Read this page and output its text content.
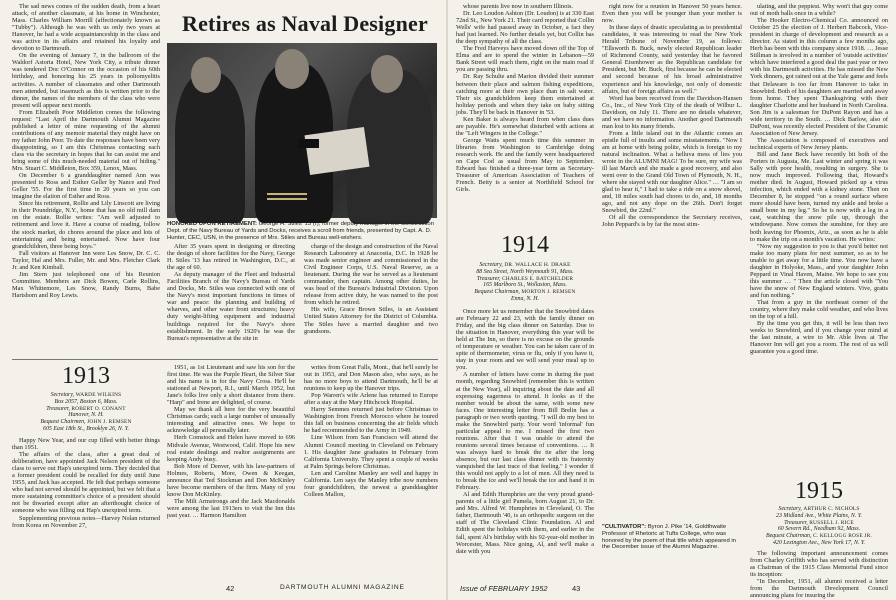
The sad news comes of the sudden death, from a heart attack, of another classmate, at his home in Winchester, Mass. Charles William Morrill (affectionately known as "Tubby"). Although he was with us only two years at Hanover, he had a wide acquaintanceship in the class and was active in its affairs and retained his loyalty and devotion to Dartmouth.

On the evening of January 7, in the ballroom of the Waldorf Astoria Hotel, New York City, a tribute dinner was tendered Doc O'Connor on the occasion of his 60th birthday, and honoring his 25 years in poliomyelitis activities. A number of classmates and other Dartmouth men attended, but inasmuch as this is written prior to the dinner, the names of the members of the class who were present will appear next month.

From Elizabeth Poor Middleton comes the following request: "Last April the Dartmouth Alumni Magazine published a letter of mine requesting of the alumni contributions of any memoir material they might have on my father John Poor. To date the responses have been very disappointing, so I am this Christmas contacting each class via the secretary in hopes that he can assist me and bring some of this much-needed material out of hiding." Mrs. Stuart C. Middleton, Box 359, Lenox, Mass.

On December 6 a granddaughter named Ann was presented to Ross and Esther Geller by Nance and Fred Geller '55. For the first time in 20 years so you can imagine the elation of Esther and Ross.

Since his retirement, Rollie and Lily Linscott are living in their Poundridge, N.Y., home that has no old mill dam on the estate. Rollie writes: "Am well adjusted to retirement and love it. Have a course of reading, follow the stock market, do chores around the place and lots of entertaining and being entertained. Now have four grandchildren, three being boys."

Fall visitors at Hanover Inn were Les Snow, Dr. C. C. Taylor, Hal and Mrs. Fuller, Mr. and Mrs. Fletcher Clark Jr. and Ken Kimball.

Jim Stern just telephoned one of his Reunion Committee. Members are Dick Bowen, Carle Rollins, Max Whittemore, Les Snow, Randy Burns, Babe Hartshorn and Roy Lewis.

Retires as Naval Designer
HONORED UPON RETIREMENT: George H. Stiles '13 (r), former deputy manager in the Construction Dept. of the Navy Bureau of Yards and Docks, receives a scroll from friends, presented by Capt. A. D. Hunter, CEC, USN, in the presence of Mrs. Stiles and Bureau well-wishers.

After 35 years spent in designing or directing the design of shore facilities for the Navy, George H. Stiles '13 has retired in Washington, D.C., at the age of 60.

As deputy manager of the Fleet and Industrial Facilities Branch of the Navy's Bureau of Yards and Docks, Mr. Stiles was connected with one of the Navy's most important functions in times of war and peace: the planning and building of wharves, and other water front structures; heavy duty weight-lifting equipment and industrial buildings required for the Navy's shore establishment. In the early 1920's he was the Bureau's representative at the site in

charge of the design and construction of the Naval Research Laboratory at Anacostia, D.C. In 1928 he was made senior engineer and commissioned in the Civil Engineer Corps, U.S. Naval Reserve, as a lieutenant. During the war he served as a lieutenant commander, then captain. Among other duties, he was head of the Bureau's Industrial Division. Upon release from active duty, he was named to the post from which he retired.

His wife, Grace Brown Stiles, is an Assistant United States Attorney for the District of Columbia. The Stiles have a married daughter and two grandsons.

1913
Secretary, WARDE WILKINS
Box 2057, Boston 6, Mass.
Treasurer, ROBERT O. CONANT
Hanover, N. H.
Bequest Chairmen, JOHN J. REMSEN
605 East 18th St., Brooklyn 26, N. Y.

Happy New Year, and our cup filled with better things than 1951.

The affairs of the class, after a great deal of deliberation, have appointed Jack Nelson president of the class to serve out Hap's unexpired term. They decided that a former president could be recalled for duty until June 1955, and Jack has accepted. He felt that perhaps someone who had not served should be appointed, but we felt that a more sustaining committee's choice of a president should not be thwarted except after an afterthought choice of someone who was filling out Hap's unexpired term.

Supplementing previous notes—Harvey Nolan returned from Korea on November 27,

1951, as 1st Lieutenant and saw his son for the first time. He was the Purple Heart, the Silver Star and his name is in for the Navy Cross. He'll be stationed at Newport, R.I., until March 1952, but Jane's folks live only a short distance from there. "Harp" and Irene are delighted, of course.

May we thank all here for the very beautiful Christmas cards; such a large number of unusually interesting and attractive ones. We hope to acknowledge all personally later.

Herb Comstock and Helen have moved to 696 Midvale Avenue, Westwood, Calif. Hope his new real estate dealings and realtor assignments are keeping Andy busy.

Bob More of Denver, with his law-partners of Holmes, Roberts, More, Owen & Keegan, announce that Ted Stockman and Don McKinley have become members of the firm. Many of you know Don McKinley.

The Milt Armstrongs and the Jack Macdonalds were among the last 1913ers to visit the Inn this past year. … Harmon Hamilton

writes from Great Falls, Mont., that he'll surely be out in 1953, and Don Mason also, who says, as he has no more boys to attend Dartmouth, he'll be at reunions to keep up the Hanover trips.

Pop Warren's wife Arlene has returned to Europe after a stay at the Mary Hitchcock Hospital.

Harry Semmes returned just before Christmas to Washington from French Morocco where he toured this fall on business concerning the air fields which he had recommended to the Army in 1949.

Line Wilson from San Francisco will attend the Alumni Council meeting in Cleveland on February 1. His daughter Jane graduates in February from California University. They spent a couple of weeks at Palm Springs before Christmas.

Len and Caroline Manley are well and happy in California. Len says the Manley tribe now numbers four grandchildren, the newest a granddaughter Colleen Mallon,

42	DARTMOUTH ALUMNI MAGAZINE

whose parents live now in southern Illinois.

Dr. Leo Loudon Ashton (Dr. Loudon) is at 330 East 72nd St., New York 21. Their card reported that Collin Wells' wife had passed away in October, a fact they had just learned. No further details yet, but Collin has the deep sympathy of all the class.

The Fred Harveys have moved down off the Top of Elma and are to spend the winter in Lebanon—59 Bank Street will reach them, right on the main road if you are passing thru.

Dr. Ray Schulte and Marion divided their summer between their place and salmon fishing expeditions, catching more at their own place than in salt water. Their six grandchildren keep them entertained at holiday periods and when they take on baby sitting jobs. They'll be back in Hanover in '53.

Ken Baker is always heard from when class dues are payable. He's somewhat disturbed with actions at the "Left Wingers in the College."

George Watts spent much time this summer in libraries from Washington to Cambridge doing research work. He and the family were headquartered on Cape Cod as usual from May to September. Edward has finished a three-year term as Secretary-Treasurer of American Association of Teachers of French. Betty is a senior at Northfield School for Girls.

1914
Secretary, DR. WALLACE H. DRAKE
88 Sea Street, North Weymouth 91, Mass.
Treasurer, CHARLES E. BATCHELDER
165 Marlboro St., Wollaston, Mass.
Bequest Chairman, MORTON J. REMSEN
Enna, N. H.

Once more let us remember that the Snowbird dates are February 22 and 23, with the family dinner on Friday, and the big class dinner on Saturday. Due to the situation in Hanover, everything this year will be held at The Inn, so there is no excuse on the grounds of temperature or weather. You can be taken care of in spite of thermometer, virus or flu, only if you have it, stay in your room and we will send your meal up to you.

A number of letters have come in during the past month, regarding Snowbird (remember this is written at the New Year), all inquiring about the date and all expressing eagerness to attend. It looks as if the number would be about the same, with some new faces. One interesting letter from Bill Brelin has a paragraph or two worth quoting. "I will do my best to make the Snowbird party. Your word 'informal' fun particular appeal to me. I missed the first two reunions. After that I was unable to attend the reunions several times because of conventions. … It was always hard to break the tie after the long absence, but our last class dinner with its fraternity vanquished the last trace of that feeling." I wonder if this would not apply to a lot of men. All they need is to break the ice and we'll break the ice and hand it in February.

Al and Edith Humphries are the very proud grand-parents of a little girl Pamela, born August 21, to Dr. and Mrs. Alfred W. Humphries in Cleveland, O. The father, Dartmouth '40, is an orthopedic surgeon on the staff of The Cleveland Clinic Foundation. Al and Edith spent the holidays with them, and earlier in the fall, spent Al's birthday with his 92-year-old mother in Worcester, Mass. Nice going, Al, and we'll make a date with you

right now for a reunion in Hanover 50 years hence. Even then you will be younger than your mother is now.

In these days of drastic speculating as to presidential candidates, it was interesting to read the New York Herald Tribune of November 19, as follows: "Ellsworth B. Buck, newly elected Republican leader of Richmond County, said yesterday that he favored General Eisenhower as the Republican candidate for President, but Mr. Buck, first because he can be elected and second because of his broad administrative experience and his knowledge, not only of domestic affairs, but of foreign affairs as well."

Word has been received from the Davidson-Hansen Co., Inc., of New York City of the death of Wilbur L. Davidson, on July 11. There are no details whatever, and we have no information. Another good Dartmouth man lost to his many friends.

From a little island out in the Atlantic comes an epistle full of insults and some misstatements. "Now I am at home with being polite, which is foreign to my natural inclination. What a helluva mess of lies you wrote in the ALUMNI MAG! To be sure, my wife was ill last March and she made a good recovery, and also went over to the Grand Old Town of Plymouth, N. H., where she stayed with our daughter Alice." … "I am so glad to hear it," I had to take a ride on a snow shovel, and, 18 miles south had chores to do, and, 18 months ago, and not any dope on the 26th. Don't forget Snowbird, the 22nd."

Of all the correspondence the Secretary receives, John Peppard's is by far the most stim-

"CULTIVATOR": Byron J. Pike '14, Goldthwaite Professor of Rhetoric at Tufts College, who was honored by the poem of that title which appeared in the December issue of the Alumni Magazine.

ulating, and the peppiest. Why won't that guy come out of moth balls once in a while?

The Hooker Electro-Chemical Co. announced on October 25 the election of J. Herbert Babcock, Vice-president in charge of development and research as a director. As stated in this column a few months ago, Herb has been with this company since 1918. … Jesse Stillman is involved in a number of 'outside activities' which have interfered a good deal the past year or two with his Dartmouth activities. He has missed the New York dinners, got rained out at the Yale game and feels that Delaware is too far from Hanover to take in Snowbird. Both of his daughters are married and away from home. They spent Thanksgiving with their daughter Charlotte and her husband in North Carolina. Son Jim is a salesman for DuPont Rayon and has a wide territory in the South. … Dick Barlow, also of DuPont, was recently elected President of the Ceramic Association of New Jersey.

The Association is composed of executives and technical experts of New Jersey plants.

Bill and Jane Beck have recently bit both of the Porters in Augusta, Me. Last winter and spring it was Sally with poor health, resulting in surgery. She is now much improved. Following that, Howard's mother died. In August, Howard picked up a virus infection, which ended with a kidney stone. Then on December 8, he stopped "on a round surface where more should have been, turned my ankle and broke a small bone in my leg." So he is now with a leg in a cast, watching the snow pile up, through the windowpane. Now comes the sunshine, for they are both leaving for Phoenix, Ariz., as soon as he is able to make the trip on a month's vacation. He writes:

"Now my suggestion to you is that you'd better not make too many plans for next summer, so as to be unable to get away for a little time. You now have a daughter in Holyoke, Mass., and your daughter John Peppard in Vinal Haven, Maine. We hope to see you this summer … " Then the article closed with "You have the snow of New England winters. Vive, gratis and fun nothing."

That from a guy in the northeast corner of the country, where they make cold weather, and who lives on the top of a hill.

By the time you get this, it will be less than two weeks to Snowbird, and if you change your mind at the last minute, a wire to Mr. Able lives at The Hanover Inn will get you a room. The rest of us will guarantee you a good time.

1915
Secretary, ARTHUR C. NICHOLS
23 Midland Ave., White Plains, N. Y.
Treasurer, RUSSELL J. RICE
60 Severn Rd., Needham 92, Mass.
Bequest Chairman, C. KELLOGG ROSE JR.
420 Lexington Ave., New York 17, N. Y.

The following important announcement comes from Charley Griffith who has served with distinction as Chairman of the 1915 Class Memorial Fund since its inception:

"In December, 1951, all alumni received a letter from the Dartmouth Development Council announcing plans for insuring the

Issue of FEBRUARY 1952	43
